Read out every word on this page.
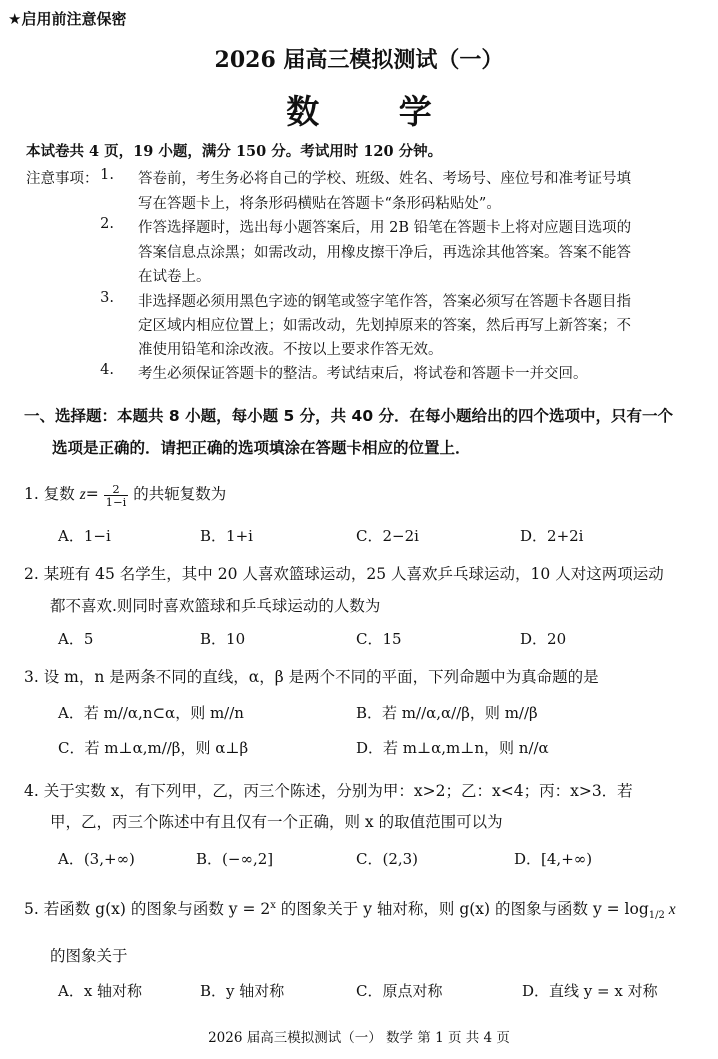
★启用前注意保密
2026 届高三模拟测试（一）
数 学
本试卷共 4 页，19 小题，满分 150 分。考试用时 120 分钟。
注意事项： 1. 答卷前，考生务必将自己的学校、班级、姓名、考场号、座位号和准考证号填
写在答题卡上，将条形码横贴在答题卡“条形码粘贴处”。
2. 作答选择题时，选出每小题答案后，用 2B 铅笔在答题卡上将对应题目选项的
答案信息点涂黑；如需改动，用橡皮擦干净后，再选涂其他答案。答案不能答
在试卷上。
3. 非选择题必须用黑色字迹的钢笔或签字笔作答，答案必须写在答题卡各题目指
定区域内相应位置上；如需改动，先划掉原来的答案，然后再写上新答案；不
准使用铅笔和涂改液。不按以上要求作答无效。
4. 考生必须保证答题卡的整洁。考试结束后，将试卷和答题卡一并交回。
一、选择题：本题共 8 小题，每小题 5 分，共 40 分．在每小题给出的四个选项中，只有一个
选项是正确的．请把正确的选项填涂在答题卡相应的位置上．
1. 复数 $z= \frac{2}{1-i}$ 的共轭复数为
A．1−i	B．1+i	C．2−2i	D．2+2i
2. 某班有 45 名学生，其中 20 人喜欢篮球运动，25 人喜欢乒乓球运动，10 人对这两项运动
都不喜欢.则同时喜欢篮球和乒乓球运动的人数为
A．5	B．10	C．15	D．20
3. 设 m，n 是两条不同的直线，α，β 是两个不同的平面，下列命题中为真命题的是
A．若 m//α,n⊂α，则 m//n	B．若 m//α,α//β，则 m//β
C．若 m⊥α,m//β，则 α⊥β	D．若 m⊥α,m⊥n，则 n//α
4. 关于实数 x，有下列甲，乙，丙三个陈述，分别为甲：x>2；乙：x<4；丙：x>3．若
甲，乙，丙三个陈述中有且仅有一个正确，则 x 的取值范围可以为
A．(3,+∞)	B．(−∞,2]	C．(2,3)	D．[4,+∞)
5. 若函数 g(x) 的图象与函数 $y = 2^x$ 的图象关于 y 轴对称，则 g(x) 的图象与函数 $y = \log_{1/2} x$
的图象关于
A．x 轴对称	B．y 轴对称	C．原点对称	D．直线 y = x 对称
2026 届高三模拟测试（一） 数学 第 1 页 共 4 页
